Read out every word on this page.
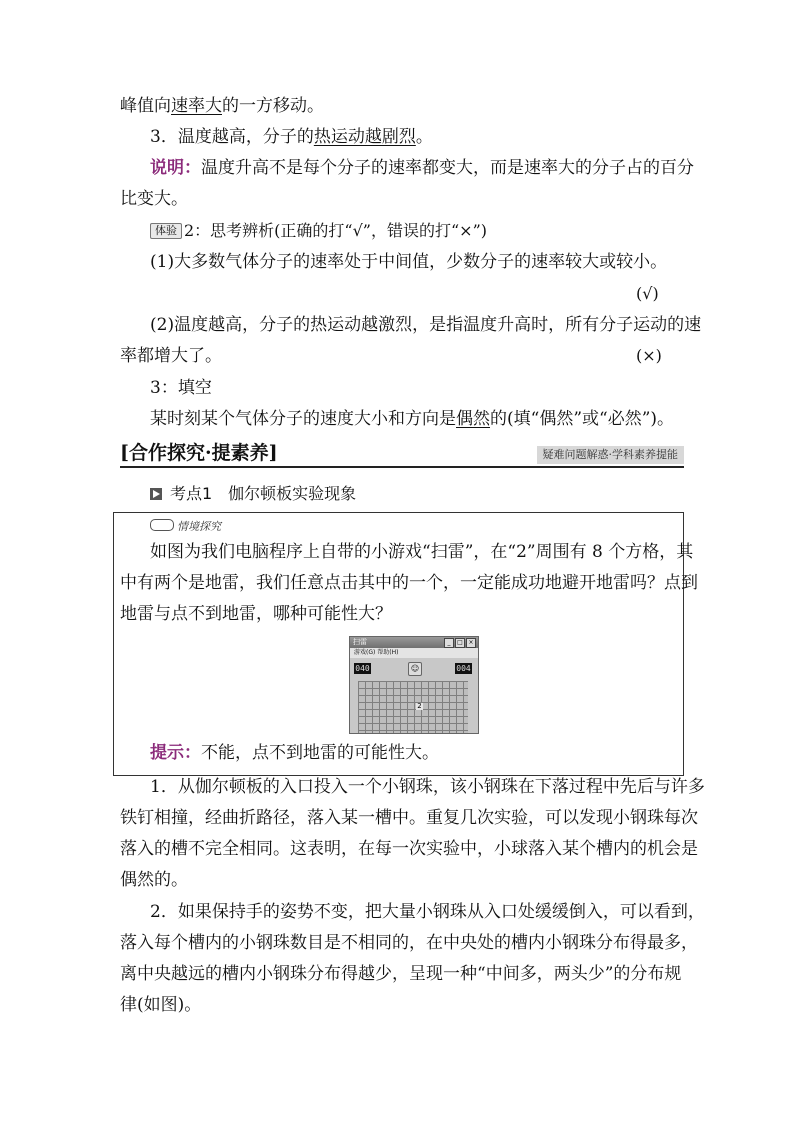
峰值向速率大的一方移动。
3．温度越高，分子的热运动越剧烈。
说明：温度升高不是每个分子的速率都变大，而是速率大的分子占的百分
比变大。
体验 2：思考辨析(正确的打“√”，错误的打“×”)
(1)大多数气体分子的速率处于中间值，少数分子的速率较大或较小。
(√)
(2)温度越高，分子的热运动越激烈，是指温度升高时，所有分子运动的速
率都增大了。	(×)
3：填空
某时刻某个气体分子的速度大小和方向是偶然的(填“偶然”或“必然”)。
[合作探究·提素养]	疑难问题解惑·学科素养提能
考点1　伽尔顿板实验现象
情境探究
如图为我们电脑程序上自带的小游戏“扫雷”，在“2”周围有 8 个方格，其
中有两个是地雷，我们任意点击其中的一个，一定能成功地避开地雷吗？点到
地雷与点不到地雷，哪种可能性大？
扫雷	_	□ ×
游戏(G) 帮助(H)
040	☺	004
2
提示：不能，点不到地雷的可能性大。
1．从伽尔顿板的入口投入一个小钢珠，该小钢珠在下落过程中先后与许多
铁钉相撞，经曲折路径，落入某一槽中。重复几次实验，可以发现小钢珠每次
落入的槽不完全相同。这表明，在每一次实验中，小球落入某个槽内的机会是
偶然的。
2．如果保持手的姿势不变，把大量小钢珠从入口处缓缓倒入，可以看到，
落入每个槽内的小钢珠数目是不相同的，在中央处的槽内小钢珠分布得最多，
离中央越远的槽内小钢珠分布得越少，呈现一种“中间多，两头少”的分布规
律(如图)。
